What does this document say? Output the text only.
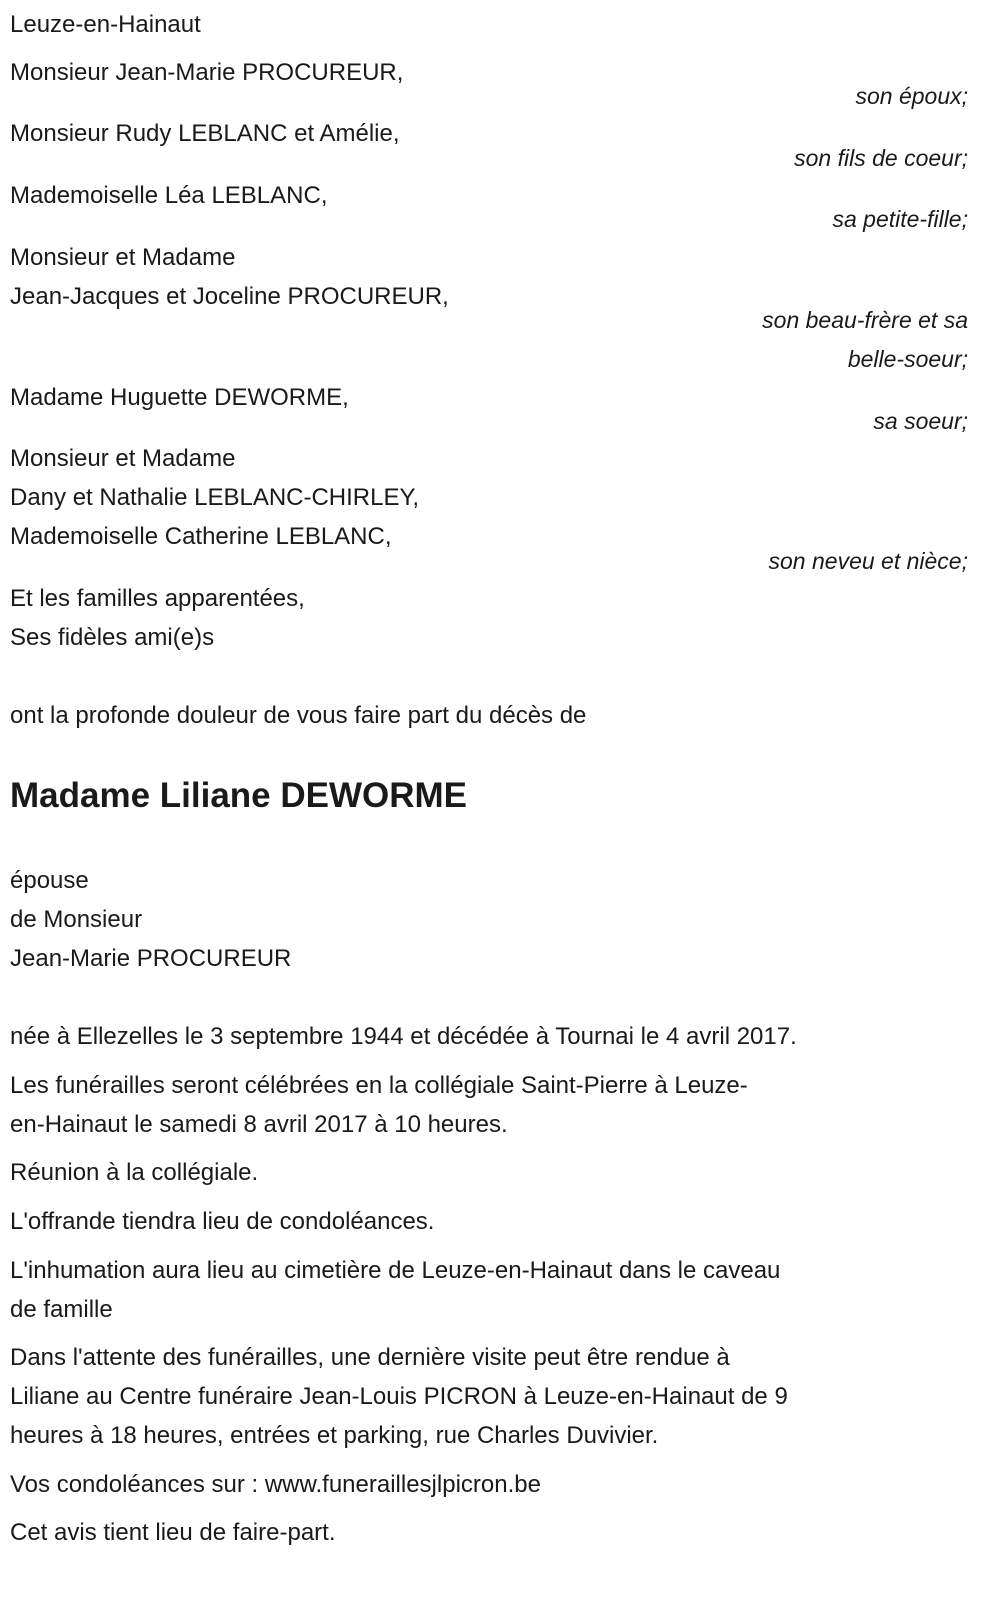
Leuze-en-Hainaut
Monsieur Jean-Marie PROCUREUR,
son époux;
Monsieur Rudy LEBLANC et Amélie,
son fils de coeur;
Mademoiselle Léa LEBLANC,
sa petite-fille;
Monsieur et Madame
Jean-Jacques et Joceline PROCUREUR,
son beau-frère et sa
belle-soeur;
Madame Huguette DEWORME,
sa soeur;
Monsieur et Madame
Dany et Nathalie LEBLANC-CHIRLEY,
Mademoiselle Catherine LEBLANC,
son neveu et nièce;
Et les familles apparentées,
Ses fidèles ami(e)s
ont la profonde douleur de vous faire part du décès de
Madame Liliane DEWORME
épouse
de Monsieur
Jean-Marie PROCUREUR
née à Ellezelles le 3 septembre 1944 et décédée à Tournai le 4 avril 2017.
Les funérailles seront célébrées en la collégiale Saint-Pierre à Leuze-
en-Hainaut le samedi 8 avril 2017 à 10 heures.
Réunion à la collégiale.
L'offrande tiendra lieu de condoléances.
L'inhumation aura lieu au cimetière de Leuze-en-Hainaut dans le caveau
de famille
Dans l'attente des funérailles, une dernière visite peut être rendue à
Liliane au Centre funéraire Jean-Louis PICRON à Leuze-en-Hainaut de 9
heures à 18 heures, entrées et parking, rue Charles Duvivier.
Vos condoléances sur : www.funeraillesjlpicron.be
Cet avis tient lieu de faire-part.
